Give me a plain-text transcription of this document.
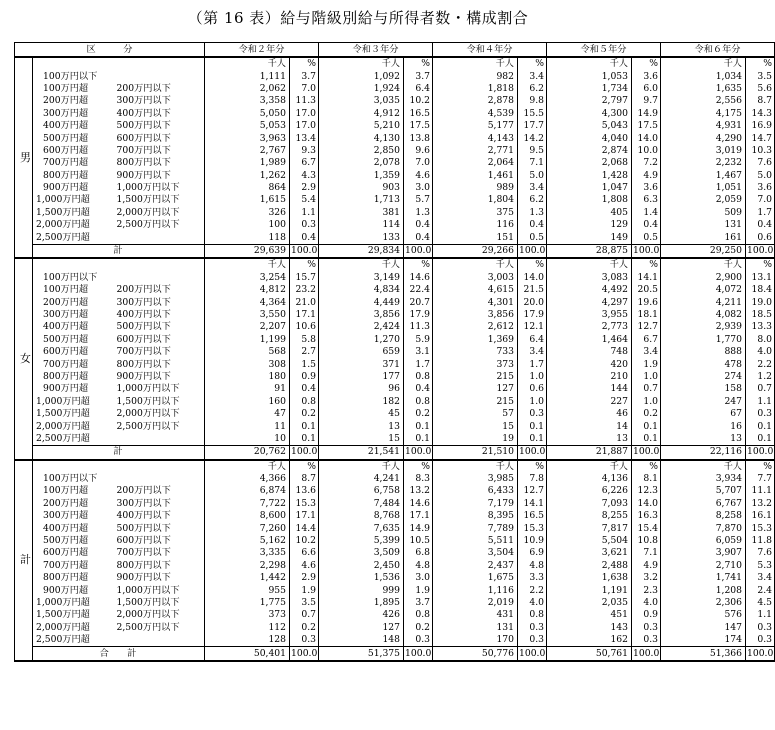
（第 16 表）給与階級別給与所得者数・構成割合
区　　　分			令和２年分		令和３年分		令和４年分		令和５年分		令和６年分	
男			千人	%	千人	%	千人	%	千人	%	千人	%
	100万円以下		1,111	3.7	1,092	3.7	982	3.4	1,053	3.6	1,034	3.5
	100万円超	200万円以下	2,062	7.0	1,924	6.4	1,818	6.2	1,734	6.0	1,635	5.6
	200万円超	300万円以下	3,358	11.3	3,035	10.2	2,878	9.8	2,797	9.7	2,556	8.7
	300万円超	400万円以下	5,050	17.0	4,912	16.5	4,539	15.5	4,300	14.9	4,175	14.3
	400万円超	500万円以下	5,053	17.0	5,210	17.5	5,177	17.7	5,043	17.5	4,931	16.9
	500万円超	600万円以下	3,963	13.4	4,130	13.8	4,143	14.2	4,040	14.0	4,290	14.7
	600万円超	700万円以下	2,767	9.3	2,850	9.6	2,771	9.5	2,874	10.0	3,019	10.3
	700万円超	800万円以下	1,989	6.7	2,078	7.0	2,064	7.1	2,068	7.2	2,232	7.6
	800万円超	900万円以下	1,262	4.3	1,359	4.6	1,461	5.0	1,428	4.9	1,467	5.0
	900万円超	1,000万円以下	864	2.9	903	3.0	989	3.4	1,047	3.6	1,051	3.6
	1,000万円超	1,500万円以下	1,615	5.4	1,713	5.7	1,804	6.2	1,808	6.3	2,059	7.0
	1,500万円超	2,000万円以下	326	1.1	381	1.3	375	1.3	405	1.4	509	1.7
	2,000万円超	2,500万円以下	100	0.3	114	0.4	116	0.4	129	0.4	131	0.4
	2,500万円超		118	0.4	133	0.4	151	0.5	149	0.5	161	0.6
	計		29,639	100.0	29,834	100.0	29,266	100.0	28,875	100.0	29,250	100.0
女			千人	%	千人	%	千人	%	千人	%	千人	%
	100万円以下		3,254	15.7	3,149	14.6	3,003	14.0	3,083	14.1	2,900	13.1
	100万円超	200万円以下	4,812	23.2	4,834	22.4	4,615	21.5	4,492	20.5	4,072	18.4
	200万円超	300万円以下	4,364	21.0	4,449	20.7	4,301	20.0	4,297	19.6	4,211	19.0
	300万円超	400万円以下	3,550	17.1	3,856	17.9	3,856	17.9	3,955	18.1	4,082	18.5
	400万円超	500万円以下	2,207	10.6	2,424	11.3	2,612	12.1	2,773	12.7	2,939	13.3
	500万円超	600万円以下	1,199	5.8	1,270	5.9	1,369	6.4	1,464	6.7	1,770	8.0
	600万円超	700万円以下	568	2.7	659	3.1	733	3.4	748	3.4	888	4.0
	700万円超	800万円以下	308	1.5	371	1.7	373	1.7	420	1.9	478	2.2
	800万円超	900万円以下	180	0.9	177	0.8	215	1.0	210	1.0	274	1.2
	900万円超	1,000万円以下	91	0.4	96	0.4	127	0.6	144	0.7	158	0.7
	1,000万円超	1,500万円以下	160	0.8	182	0.8	215	1.0	227	1.0	247	1.1
	1,500万円超	2,000万円以下	47	0.2	45	0.2	57	0.3	46	0.2	67	0.3
	2,000万円超	2,500万円以下	11	0.1	13	0.1	15	0.1	14	0.1	16	0.1
	2,500万円超		10	0.1	15	0.1	19	0.1	13	0.1	13	0.1
	計		20,762	100.0	21,541	100.0	21,510	100.0	21,887	100.0	22,116	100.0
計			千人	%	千人	%	千人	%	千人	%	千人	%
	100万円以下		4,366	8.7	4,241	8.3	3,985	7.8	4,136	8.1	3,934	7.7
	100万円超	200万円以下	6,874	13.6	6,758	13.2	6,433	12.7	6,226	12.3	5,707	11.1
	200万円超	300万円以下	7,722	15.3	7,484	14.6	7,179	14.1	7,093	14.0	6,767	13.2
	300万円超	400万円以下	8,600	17.1	8,768	17.1	8,395	16.5	8,255	16.3	8,258	16.1
	400万円超	500万円以下	7,260	14.4	7,635	14.9	7,789	15.3	7,817	15.4	7,870	15.3
	500万円超	600万円以下	5,162	10.2	5,399	10.5	5,511	10.9	5,504	10.8	6,059	11.8
	600万円超	700万円以下	3,335	6.6	3,509	6.8	3,504	6.9	3,621	7.1	3,907	7.6
	700万円超	800万円以下	2,298	4.6	2,450	4.8	2,437	4.8	2,488	4.9	2,710	5.3
	800万円超	900万円以下	1,442	2.9	1,536	3.0	1,675	3.3	1,638	3.2	1,741	3.4
	900万円超	1,000万円以下	955	1.9	999	1.9	1,116	2.2	1,191	2.3	1,208	2.4
	1,000万円超	1,500万円以下	1,775	3.5	1,895	3.7	2,019	4.0	2,035	4.0	2,306	4.5
	1,500万円超	2,000万円以下	373	0.7	426	0.8	431	0.8	451	0.9	576	1.1
	2,000万円超	2,500万円以下	112	0.2	127	0.2	131	0.3	143	0.3	147	0.3
	2,500万円超		128	0.3	148	0.3	170	0.3	162	0.3	174	0.3
	合　　計		50,401	100.0	51,375	100.0	50,776	100.0	50,761	100.0	51,366	100.0
